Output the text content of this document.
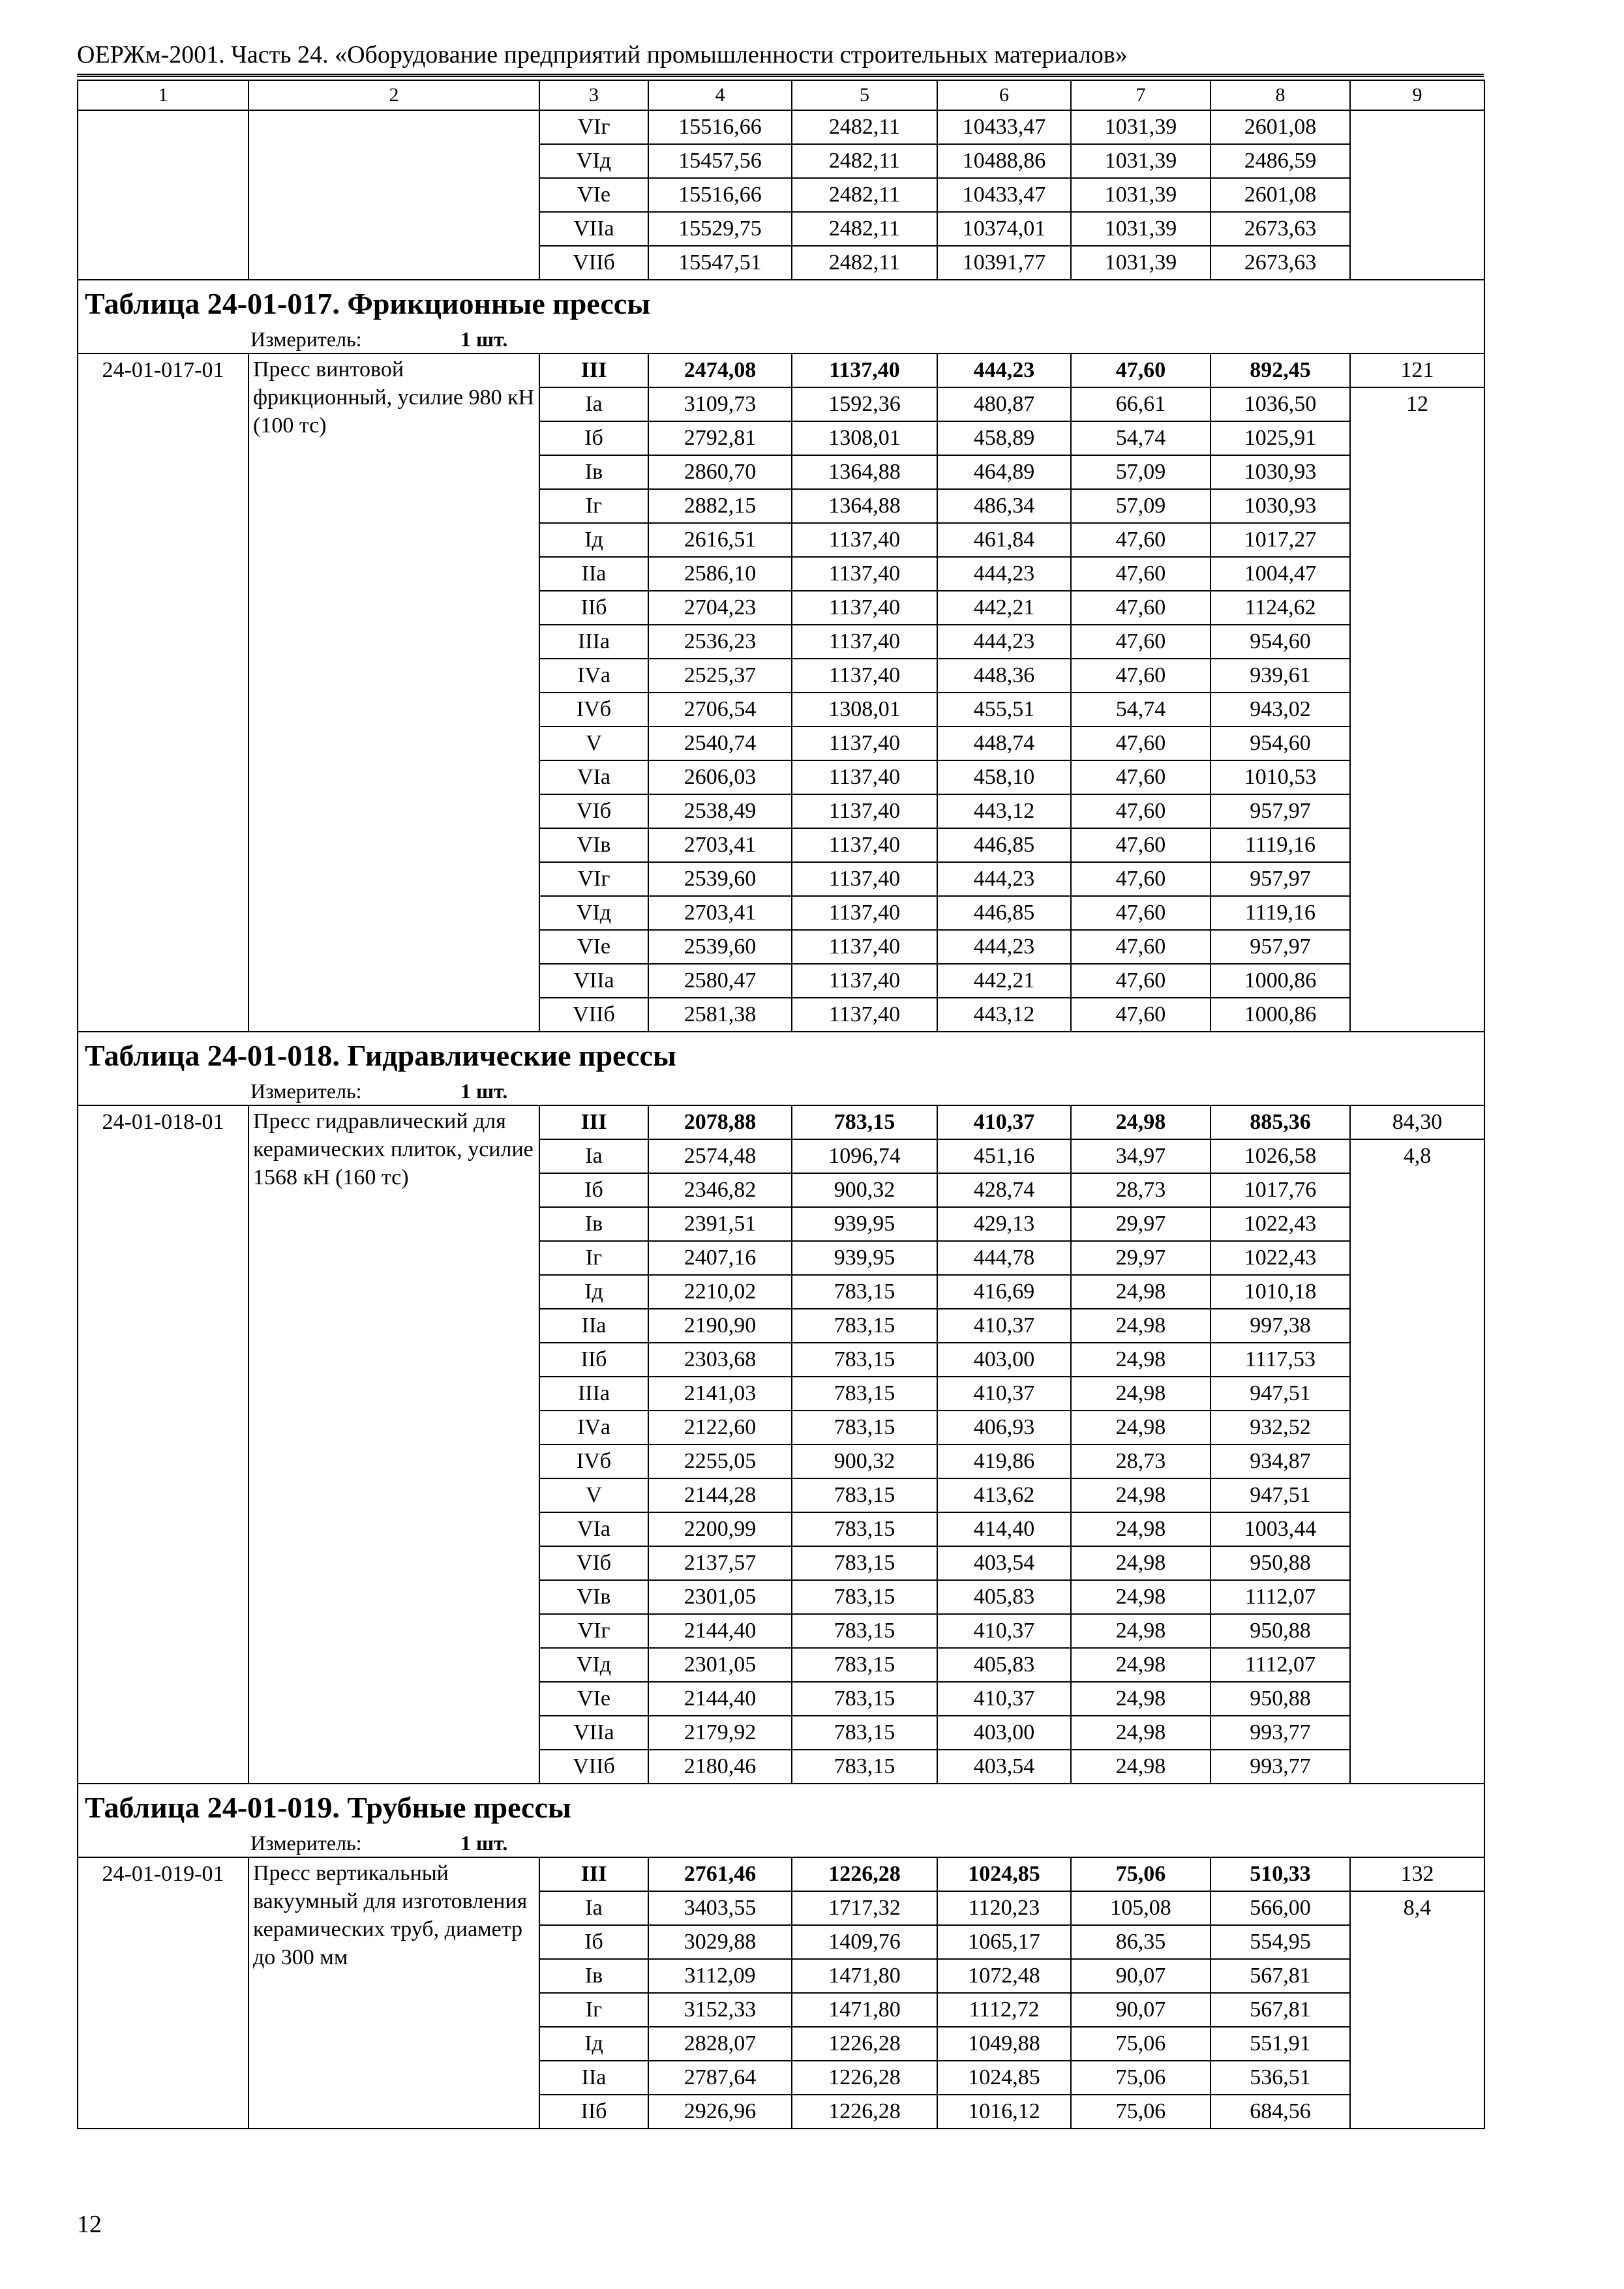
ОЕРЖм-2001. Часть 24. «Оборудование предприятий промышленности строительных материалов»
1	2	3	4	5	6	7	8	9
		VIг	15516,66	2482,11	10433,47	1031,39	2601,08	
		VIд	15457,56	2482,11	10488,86	1031,39	2486,59	
		VIе	15516,66	2482,11	10433,47	1031,39	2601,08	
		VIIа	15529,75	2482,11	10374,01	1031,39	2673,63	
		VIIб	15547,51	2482,11	10391,77	1031,39	2673,63	
Таблица 24-01-017. Фрикционные прессы								
Измеритель: 1 шт.								
24-01-017-01	Пресс винтовой фрикционный, усилие 980 кН (100 тс)	III	2474,08	1137,40	444,23	47,60	892,45	121
		Iа	3109,73	1592,36	480,87	66,61	1036,50	12
		Iб	2792,81	1308,01	458,89	54,74	1025,91	
		Iв	2860,70	1364,88	464,89	57,09	1030,93	
		Iг	2882,15	1364,88	486,34	57,09	1030,93	
		Iд	2616,51	1137,40	461,84	47,60	1017,27	
		IIа	2586,10	1137,40	444,23	47,60	1004,47	
		IIб	2704,23	1137,40	442,21	47,60	1124,62	
		IIIа	2536,23	1137,40	444,23	47,60	954,60	
		IVа	2525,37	1137,40	448,36	47,60	939,61	
		IVб	2706,54	1308,01	455,51	54,74	943,02	
		V	2540,74	1137,40	448,74	47,60	954,60	
		VIа	2606,03	1137,40	458,10	47,60	1010,53	
		VIб	2538,49	1137,40	443,12	47,60	957,97	
		VIв	2703,41	1137,40	446,85	47,60	1119,16	
		VIг	2539,60	1137,40	444,23	47,60	957,97	
		VIд	2703,41	1137,40	446,85	47,60	1119,16	
		VIе	2539,60	1137,40	444,23	47,60	957,97	
		VIIа	2580,47	1137,40	442,21	47,60	1000,86	
		VIIб	2581,38	1137,40	443,12	47,60	1000,86	
Таблица 24-01-018. Гидравлические прессы								
Измеритель: 1 шт.								
24-01-018-01	Пресс гидравлический для керамических плиток, усилие 1568 кН (160 тс)	III	2078,88	783,15	410,37	24,98	885,36	84,30
		Iа	2574,48	1096,74	451,16	34,97	1026,58	4,8
		Iб	2346,82	900,32	428,74	28,73	1017,76	
		Iв	2391,51	939,95	429,13	29,97	1022,43	
		Iг	2407,16	939,95	444,78	29,97	1022,43	
		Iд	2210,02	783,15	416,69	24,98	1010,18	
		IIа	2190,90	783,15	410,37	24,98	997,38	
		IIб	2303,68	783,15	403,00	24,98	1117,53	
		IIIа	2141,03	783,15	410,37	24,98	947,51	
		IVа	2122,60	783,15	406,93	24,98	932,52	
		IVб	2255,05	900,32	419,86	28,73	934,87	
		V	2144,28	783,15	413,62	24,98	947,51	
		VIа	2200,99	783,15	414,40	24,98	1003,44	
		VIб	2137,57	783,15	403,54	24,98	950,88	
		VIв	2301,05	783,15	405,83	24,98	1112,07	
		VIг	2144,40	783,15	410,37	24,98	950,88	
		VIд	2301,05	783,15	405,83	24,98	1112,07	
		VIе	2144,40	783,15	410,37	24,98	950,88	
		VIIа	2179,92	783,15	403,00	24,98	993,77	
		VIIб	2180,46	783,15	403,54	24,98	993,77	
Таблица 24-01-019. Трубные прессы								
Измеритель: 1 шт.								
24-01-019-01	Пресс вертикальный вакуумный для изготовления керамических труб, диаметр до 300 мм	III	2761,46	1226,28	1024,85	75,06	510,33	132
		Iа	3403,55	1717,32	1120,23	105,08	566,00	8,4
		Iб	3029,88	1409,76	1065,17	86,35	554,95	
		Iв	3112,09	1471,80	1072,48	90,07	567,81	
		Iг	3152,33	1471,80	1112,72	90,07	567,81	
		Iд	2828,07	1226,28	1049,88	75,06	551,91	
		IIа	2787,64	1226,28	1024,85	75,06	536,51	
		IIб	2926,96	1226,28	1016,12	75,06	684,56	
12
